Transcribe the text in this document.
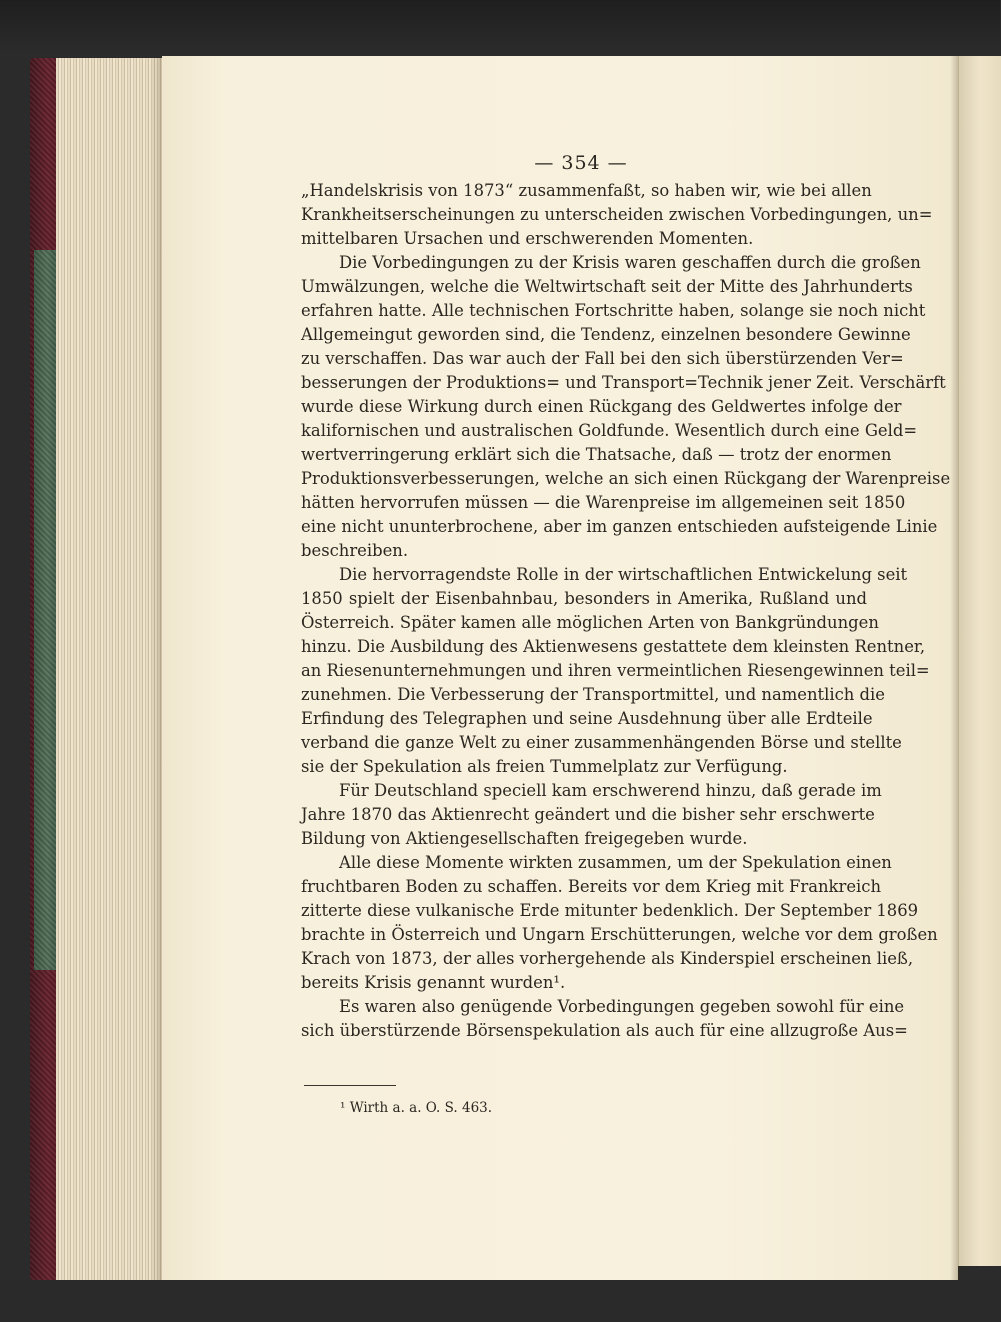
— 354 —
„Handelskrisis von 1873“ zusammenfaßt, so haben wir, wie bei allen
Krankheitserscheinungen zu unterscheiden zwischen Vorbedingungen, un=
mittelbaren Ursachen und erschwerenden Momenten.
Die Vorbedingungen zu der Krisis waren geschaffen durch die großen
Umwälzungen, welche die Weltwirtschaft seit der Mitte des Jahrhunderts
erfahren hatte. Alle technischen Fortschritte haben, solange sie noch nicht
Allgemeingut geworden sind, die Tendenz, einzelnen besondere Gewinne
zu verschaffen. Das war auch der Fall bei den sich überstürzenden Ver=
besserungen der Produktions= und Transport=Technik jener Zeit. Verschärft
wurde diese Wirkung durch einen Rückgang des Geldwertes infolge der
kalifornischen und australischen Goldfunde. Wesentlich durch eine Geld=
wertverringerung erklärt sich die Thatsache, daß — trotz der enormen
Produktionsverbesserungen, welche an sich einen Rückgang der Warenpreise
hätten hervorrufen müssen — die Warenpreise im allgemeinen seit 1850
eine nicht ununterbrochene, aber im ganzen entschieden aufsteigende Linie
beschreiben.
Die hervorragendste Rolle in der wirtschaftlichen Entwickelung seit
1850 spielt der Eisenbahnbau, besonders in Amerika, Rußland und
Österreich. Später kamen alle möglichen Arten von Bankgründungen
hinzu. Die Ausbildung des Aktienwesens gestattete dem kleinsten Rentner,
an Riesenunternehmungen und ihren vermeintlichen Riesengewinnen teil=
zunehmen. Die Verbesserung der Transportmittel, und namentlich die
Erfindung des Telegraphen und seine Ausdehnung über alle Erdteile
verband die ganze Welt zu einer zusammenhängenden Börse und stellte
sie der Spekulation als freien Tummelplatz zur Verfügung.
Für Deutschland speciell kam erschwerend hinzu, daß gerade im
Jahre 1870 das Aktienrecht geändert und die bisher sehr erschwerte
Bildung von Aktiengesellschaften freigegeben wurde.
Alle diese Momente wirkten zusammen, um der Spekulation einen
fruchtbaren Boden zu schaffen. Bereits vor dem Krieg mit Frankreich
zitterte diese vulkanische Erde mitunter bedenklich. Der September 1869
brachte in Österreich und Ungarn Erschütterungen, welche vor dem großen
Krach von 1873, der alles vorhergehende als Kinderspiel erscheinen ließ,
bereits Krisis genannt wurden¹.
Es waren also genügende Vorbedingungen gegeben sowohl für eine
sich überstürzende Börsenspekulation als auch für eine allzugroße Aus=
¹ Wirth a. a. O. S. 463.
